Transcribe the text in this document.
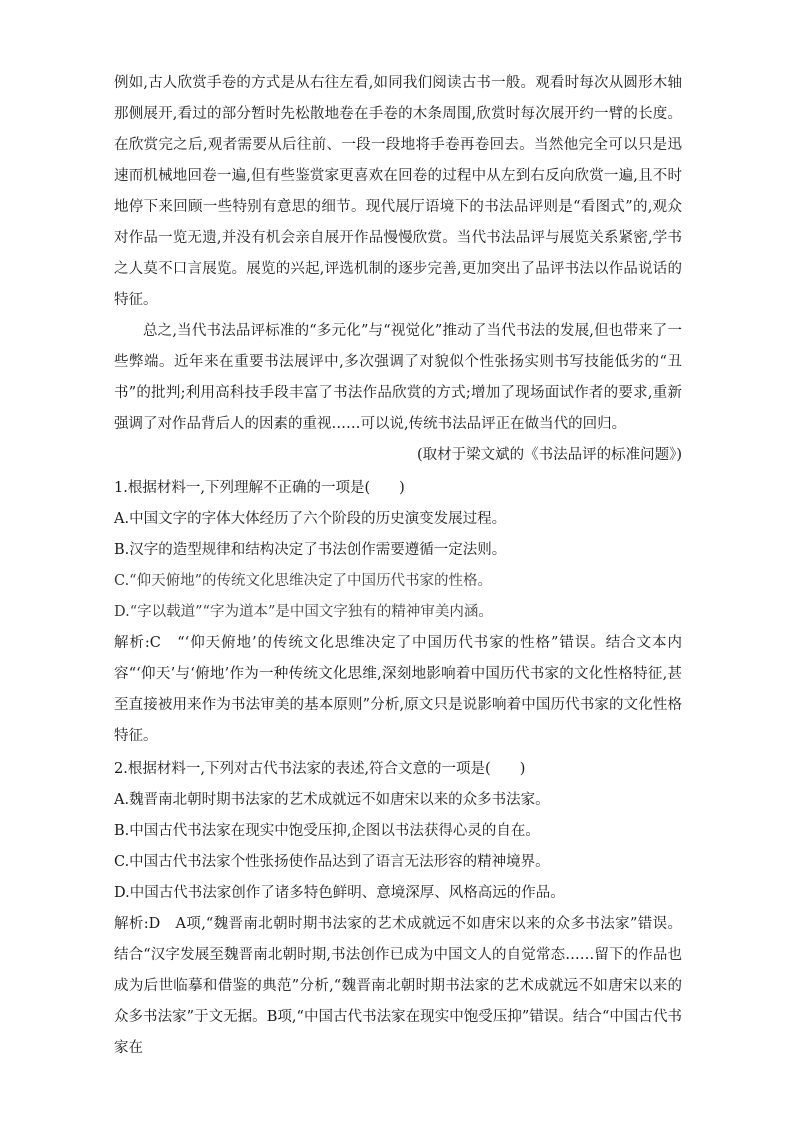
例如,古人欣赏手卷的方式是从右往左看,如同我们阅读古书一般。观看时每次从圆形木轴那侧展开,看过的部分暂时先松散地卷在手卷的木条周围,欣赏时每次展开约一臂的长度。在欣赏完之后,观者需要从后往前、一段一段地将手卷再卷回去。当然他完全可以只是迅速而机械地回卷一遍,但有些鉴赏家更喜欢在回卷的过程中从左到右反向欣赏一遍,且不时地停下来回顾一些特别有意思的细节。现代展厅语境下的书法品评则是“看图式”的,观众对作品一览无遗,并没有机会亲自展开作品慢慢欣赏。当代书法品评与展览关系紧密,学书之人莫不口言展览。展览的兴起,评选机制的逐步完善,更加突出了品评书法以作品说话的特征。

总之,当代书法品评标准的“多元化”与“视觉化”推动了当代书法的发展,但也带来了一些弊端。近年来在重要书法展评中,多次强调了对貌似个性张扬实则书写技能低劣的“丑书”的批判;利用高科技手段丰富了书法作品欣赏的方式;增加了现场面试作者的要求,重新强调了对作品背后人的因素的重视……可以说,传统书法品评正在做当代的回归。

(取材于梁文斌的《书法品评的标准问题》)

1.根据材料一,下列理解不正确的一项是(　　)

A.中国文字的字体大体经历了六个阶段的历史演变发展过程。

B.汉字的造型规律和结构决定了书法创作需要遵循一定法则。

C.“仰天俯地”的传统文化思维决定了中国历代书家的性格。

D.“字以载道”“字为道本”是中国文字独有的精神审美内涵。

解析:C　“‘仰天俯地’的传统文化思维决定了中国历代书家的性格”错误。结合文本内容“‘仰天’与‘俯地’作为一种传统文化思维,深刻地影响着中国历代书家的文化性格特征,甚至直接被用来作为书法审美的基本原则”分析,原文只是说影响着中国历代书家的文化性格特征。

2.根据材料一,下列对古代书法家的表述,符合文意的一项是(　　)

A.魏晋南北朝时期书法家的艺术成就远不如唐宋以来的众多书法家。

B.中国古代书法家在现实中饱受压抑,企图以书法获得心灵的自在。

C.中国古代书法家个性张扬使作品达到了语言无法形容的精神境界。

D.中国古代书法家创作了诸多特色鲜明、意境深厚、风格高远的作品。

解析:D　A项,“魏晋南北朝时期书法家的艺术成就远不如唐宋以来的众多书法家”错误。结合“汉字发展至魏晋南北朝时期,书法创作已成为中国文人的自觉常态……留下的作品也成为后世临摹和借鉴的典范”分析,“魏晋南北朝时期书法家的艺术成就远不如唐宋以来的众多书法家”于文无据。B项,“中国古代书法家在现实中饱受压抑”错误。结合“中国古代书家在
